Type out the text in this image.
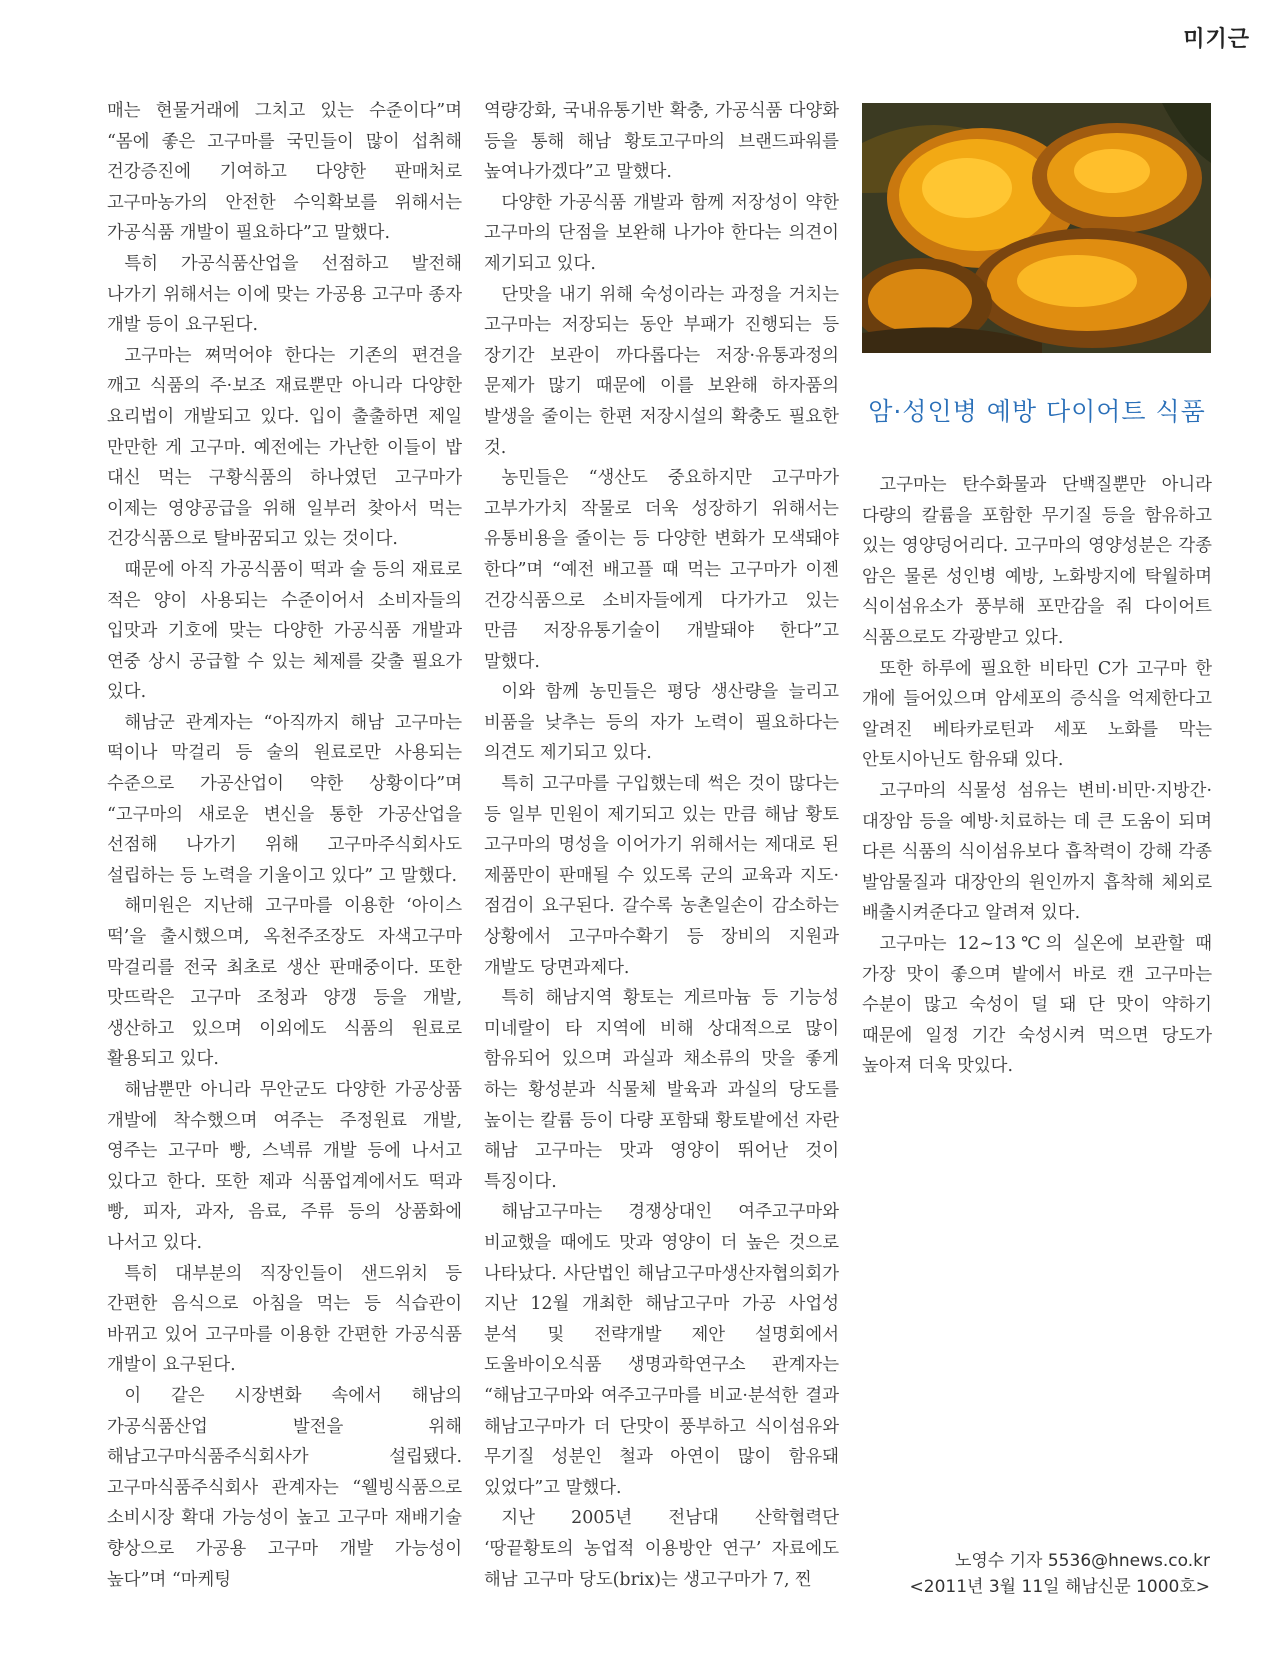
미기근

매는 현물거래에 그치고 있는 수준이다”며 “몸에 좋은 고구마를 국민들이 많이 섭취해 건강증진에 기여하고 다양한 판매처로 고구마농가의 안전한 수익확보를 위해서는 가공식품 개발이 필요하다”고 말했다.

특히 가공식품산업을 선점하고 발전해 나가기 위해서는 이에 맞는 가공용 고구마 종자 개발 등이 요구된다.

고구마는 쪄먹어야 한다는 기존의 편견을 깨고 식품의 주·보조 재료뿐만 아니라 다양한 요리법이 개발되고 있다. 입이 출출하면 제일 만만한 게 고구마. 예전에는 가난한 이들이 밥 대신 먹는 구황식품의 하나였던 고구마가 이제는 영양공급을 위해 일부러 찾아서 먹는 건강식품으로 탈바꿈되고 있는 것이다.

때문에 아직 가공식품이 떡과 술 등의 재료로 적은 양이 사용되는 수준이어서 소비자들의 입맛과 기호에 맞는 다양한 가공식품 개발과 연중 상시 공급할 수 있는 체제를 갖출 필요가 있다.

해남군 관계자는 “아직까지 해남 고구마는 떡이나 막걸리 등 술의 원료로만 사용되는 수준으로 가공산업이 약한 상황이다”며 “고구마의 새로운 변신을 통한 가공산업을 선점해 나가기 위해 고구마주식회사도 설립하는 등 노력을 기울이고 있다” 고 말했다.

해미원은 지난해 고구마를 이용한 ‘아이스 떡’을 출시했으며, 옥천주조장도 자색고구마 막걸리를 전국 최초로 생산 판매중이다. 또한 맛뜨락은 고구마 조청과 양갱 등을 개발, 생산하고 있으며 이외에도 식품의 원료로 활용되고 있다.

해남뿐만 아니라 무안군도 다양한 가공상품 개발에 착수했으며 여주는 주정원료 개발, 영주는 고구마 빵, 스넥류 개발 등에 나서고 있다고 한다. 또한 제과 식품업계에서도 떡과 빵, 피자, 과자, 음료, 주류 등의 상품화에 나서고 있다.

특히 대부분의 직장인들이 샌드위치 등 간편한 음식으로 아침을 먹는 등 식습관이 바뀌고 있어 고구마를 이용한 간편한 가공식품 개발이 요구된다.

이 같은 시장변화 속에서 해남의 가공식품산업 발전을 위해 해남고구마식품주식회사가 설립됐다. 고구마식품주식회사 관계자는 “웰빙식품으로 소비시장 확대 가능성이 높고 고구마 재배기술 향상으로 가공용 고구마 개발 가능성이 높다”며 “마케팅

역량강화, 국내유통기반 확충, 가공식품 다양화 등을 통해 해남 황토고구마의 브랜드파워를 높여나가겠다”고 말했다.

다양한 가공식품 개발과 함께 저장성이 약한 고구마의 단점을 보완해 나가야 한다는 의견이 제기되고 있다.

단맛을 내기 위해 숙성이라는 과정을 거치는 고구마는 저장되는 동안 부패가 진행되는 등 장기간 보관이 까다롭다는 저장·유통과정의 문제가 많기 때문에 이를 보완해 하자품의 발생을 줄이는 한편 저장시설의 확충도 필요한 것.

농민들은 “생산도 중요하지만 고구마가 고부가가치 작물로 더욱 성장하기 위해서는 유통비용을 줄이는 등 다양한 변화가 모색돼야 한다”며 “예전 배고플 때 먹는 고구마가 이젠 건강식품으로 소비자들에게 다가가고 있는 만큼 저장유통기술이 개발돼야 한다”고 말했다.

이와 함께 농민들은 평당 생산량을 늘리고 비품을 낮추는 등의 자가 노력이 필요하다는 의견도 제기되고 있다.

특히 고구마를 구입했는데 썩은 것이 많다는 등 일부 민원이 제기되고 있는 만큼 해남 황토 고구마의 명성을 이어가기 위해서는 제대로 된 제품만이 판매될 수 있도록 군의 교육과 지도·점검이 요구된다. 갈수록 농촌일손이 감소하는 상황에서 고구마수확기 등 장비의 지원과 개발도 당면과제다.

특히 해남지역 황토는 게르마늄 등 기능성 미네랄이 타 지역에 비해 상대적으로 많이 함유되어 있으며 과실과 채소류의 맛을 좋게 하는 황성분과 식물체 발육과 과실의 당도를 높이는 칼륨 등이 다량 포함돼 황토밭에선 자란 해남 고구마는 맛과 영양이 뛰어난 것이 특징이다.

해남고구마는 경쟁상대인 여주고구마와 비교했을 때에도 맛과 영양이 더 높은 것으로 나타났다. 사단법인 해남고구마생산자협의회가 지난 12월 개최한 해남고구마 가공 사업성 분석 및 전략개발 제안 설명회에서 도울바이오식품 생명과학연구소 관계자는 “해남고구마와 여주고구마를 비교·분석한 결과 해남고구마가 더 단맛이 풍부하고 식이섬유와 무기질 성분인 철과 아연이 많이 함유돼 있었다”고 말했다.

지난 2005년 전남대 산학협력단 ‘땅끝황토의 농업적 이용방안 연구’ 자료에도 해남 고구마 당도(brix)는 생고구마가 7, 찐

암·성인병 예방 다이어트 식품

고구마는 탄수화물과 단백질뿐만 아니라 다량의 칼륨을 포함한 무기질 등을 함유하고 있는 영양덩어리다. 고구마의 영양성분은 각종 암은 물론 성인병 예방, 노화방지에 탁월하며 식이섬유소가 풍부해 포만감을 줘 다이어트 식품으로도 각광받고 있다.

또한 하루에 필요한 비타민 C가 고구마 한 개에 들어있으며 암세포의 증식을 억제한다고 알려진 베타카로틴과 세포 노화를 막는 안토시아닌도 함유돼 있다.

고구마의 식물성 섬유는 변비·비만·지방간·대장암 등을 예방·치료하는 데 큰 도움이 되며 다른 식품의 식이섬유보다 흡착력이 강해 각종 발암물질과 대장안의 원인까지 흡착해 체외로 배출시켜준다고 알려져 있다.

고구마는 12~13℃의 실온에 보관할 때 가장 맛이 좋으며 밭에서 바로 캔 고구마는 수분이 많고 숙성이 덜 돼 단 맛이 약하기 때문에 일정 기간 숙성시켜 먹으면 당도가 높아져 더욱 맛있다.

노영수 기자 5536@hnews.co.kr
<2011년 3월 11일 해남신문 1000호>
